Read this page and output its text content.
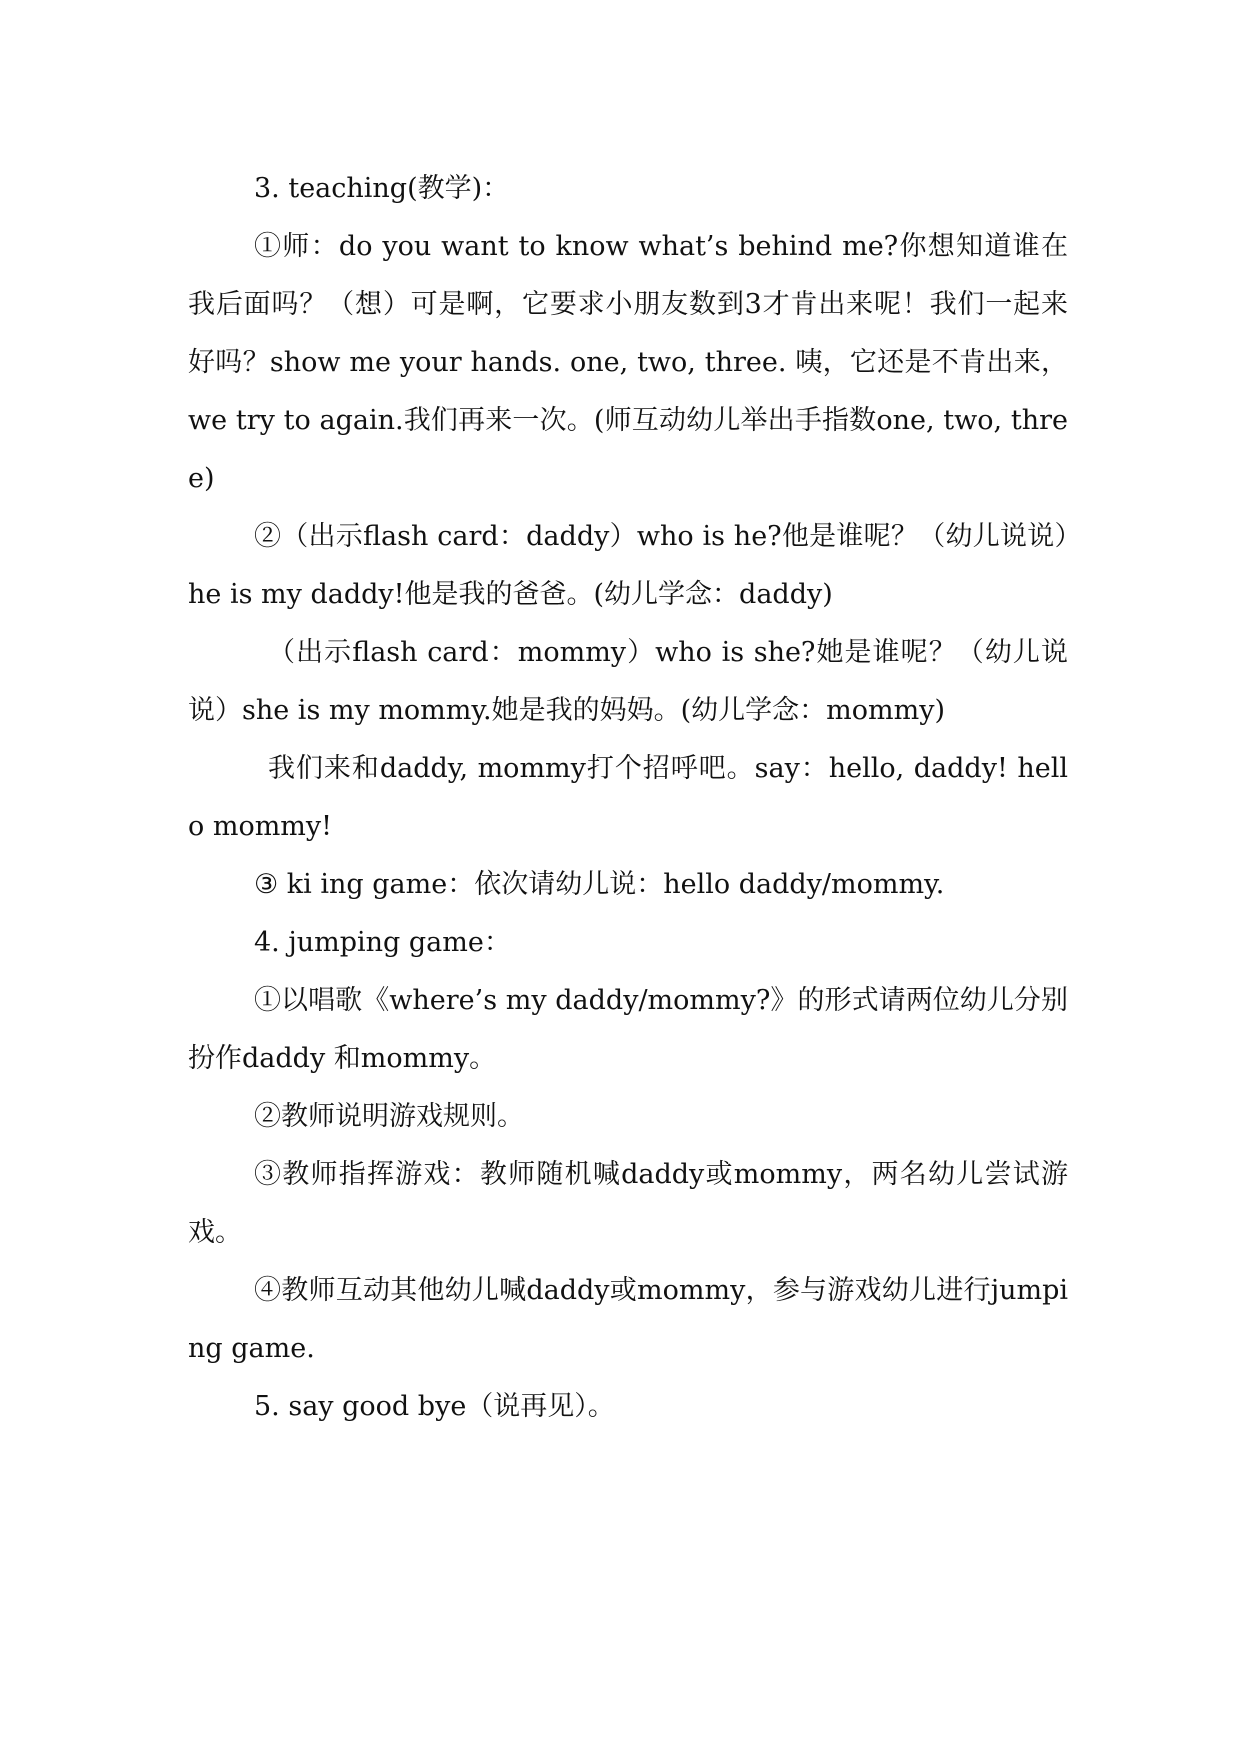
3. teaching(教学)：

①师：do you want to know what’s behind me?你想知道谁在我后面吗？（想）可是啊，它要求小朋友数到3才肯出来呢！我们一起来好吗？show me your hands. one, two, three. 咦，它还是不肯出来，we try to again.我们再来一次。(师互动幼儿举出手指数one, two, three)

②（出示flash card：daddy）who is he?他是谁呢？（幼儿说说）he is my daddy!他是我的爸爸。(幼儿学念：daddy)

（出示flash card：mommy）who is she?她是谁呢？（幼儿说说）she is my mommy.她是我的妈妈。(幼儿学念：mommy)

我们来和daddy, mommy打个招呼吧。say：hello, daddy! hello mommy!

③ ki ing game：依次请幼儿说：hello daddy/mommy.

4. jumping game：

①以唱歌《where’s my daddy/mommy?》的形式请两位幼儿分别扮作daddy 和mommy。

②教师说明游戏规则。

③教师指挥游戏：教师随机喊daddy或mommy，两名幼儿尝试游戏。

④教师互动其他幼儿喊daddy或mommy，参与游戏幼儿进行jumping game.

5. say good bye（说再见）。
